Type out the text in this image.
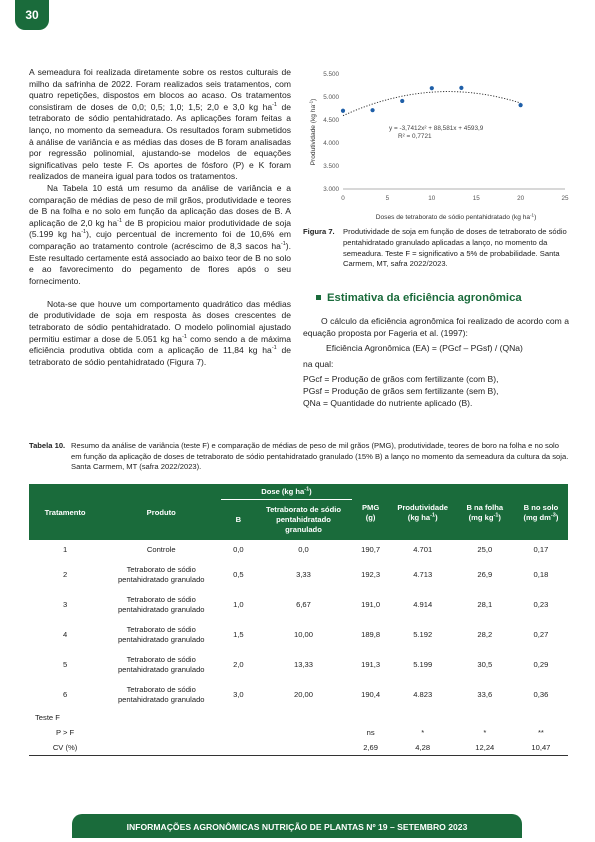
30

A semeadura foi realizada diretamente sobre os restos culturais de milho da safrinha de 2022. Foram realizados seis tratamentos, com quatro repetições, dispostos em blocos ao acaso. Os tratamentos consistiram de doses de 0,0; 0,5; 1,0; 1,5; 2,0 e 3,0 kg $ha^{-1}$ de tetraborato de sódio pentahidratado. As aplicações foram feitas a lanço, no momento da semeadura. Os resultados foram submetidos à análise de variância e as médias das doses de B foram analisadas por regressão polinomial, ajustando-se modelos de equações significativas pelo teste F. Os aportes de fósforo (P) e K foram realizados de maneira igual para todos os tratamentos.

Na Tabela 10 está um resumo da análise de variância e a comparação de médias de peso de mil grãos, produtividade e teores de B na folha e no solo em função da aplicação das doses de B. A aplicação de 2,0 kg $ha^{-1}$ de B propiciou maior produtividade de soja (5.199 kg $ha^{-1}$), cujo percentual de incremento foi de 10,6% em comparação ao tratamento controle (acréscimo de 8,3 sacos $ha^{-1}$). Este resultado certamente está associado ao baixo teor de B no solo e ao favorecimento do pegamento de flores após o seu fornecimento.

Nota-se que houve um comportamento quadrático das médias de produtividade de soja em resposta às doses crescentes de tetraborato de sódio pentahidratado. O modelo polinomial ajustado permitiu estimar a dose de 5.051 kg $ha^{-1}$ como sendo a de máxima eficiência produtiva obtida com a aplicação de 11,84 kg $ha^{-1}$ de tetraborato de sódio pentahidratado (Figura 7).

25
20
15
10
5
0
5.500
5.000
4.500
4.000
3.500
3.000
y = -3,7412x² + 88,581x + 4593,9
R² = 0,7721
Doses de tetraborato de sódio pentahidratado (kg $ha^{-1}$)
Produtividade (kg $ha^{-1}$)
Figura 7.	Produtividade de soja em função de doses de tetraborato de sódio pentahidratado granulado aplicadas a lanço, no momento da semeadura. Teste F = significativo a 5% de probabilidade. Santa Carmem, MT, safra 2022/2023.
Estimativa da eficiência agronômica

O cálculo da eficiência agronômica foi realizado de acordo com a equação proposta por Fageria et al. (1997):

Eficiência Agronômica (EA) = (PGcf – PGsf) / (QNa)

na qual:

PGcf = Produção de grãos com fertilizante (com B),

PGsf = Produção de grãos sem fertilizante (sem B),

QNa = Quantidade do nutriente aplicado (B).

Tabela 10. Resumo da análise de variância (teste F) e comparação de médias de peso de mil grãos (PMG), produtividade, teores de boro na folha e no solo em função da aplicação de doses de tetraborato de sódio pentahidratado granulado (15% B) a lanço no momento da semeadura da cultura da soja. Santa Carmem, MT (safra 2022/2023).
Tratamento	Produto	Dose (kg $ha^{-1}$)		PMG
(g)	Produtividade
(kg $ha^{-1}$)	B na folha
(mg $kg^{-1}$)	B no solo
(mg $dm^{-3}$)
		B	Tetraborato de sódio pentahidratado granulado				
1	Controle	0,0	0,0	190,7	4.701	25,0	0,17
2	Tetraborato de sódio pentahidratado granulado	0,5	3,33	192,3	4.713	26,9	0,18
3	Tetraborato de sódio pentahidratado granulado	1,0	6,67	191,0	4.914	28,1	0,23
4	Tetraborato de sódio pentahidratado granulado	1,5	10,00	189,8	5.192	28,2	0,27
5	Tetraborato de sódio pentahidratado granulado	2,0	13,33	191,3	5.199	30,5	0,29
6	Tetraborato de sódio pentahidratado granulado	3,0	20,00	190,4	4.823	33,6	0,36
Teste F							
P > F				ns	*	*	**
CV (%)				2,69	4,28	12,24	10,47
INFORMAÇÕES AGRONÔMICAS NUTRIÇÃO DE PLANTAS Nº 19 – SETEMBRO 2023
